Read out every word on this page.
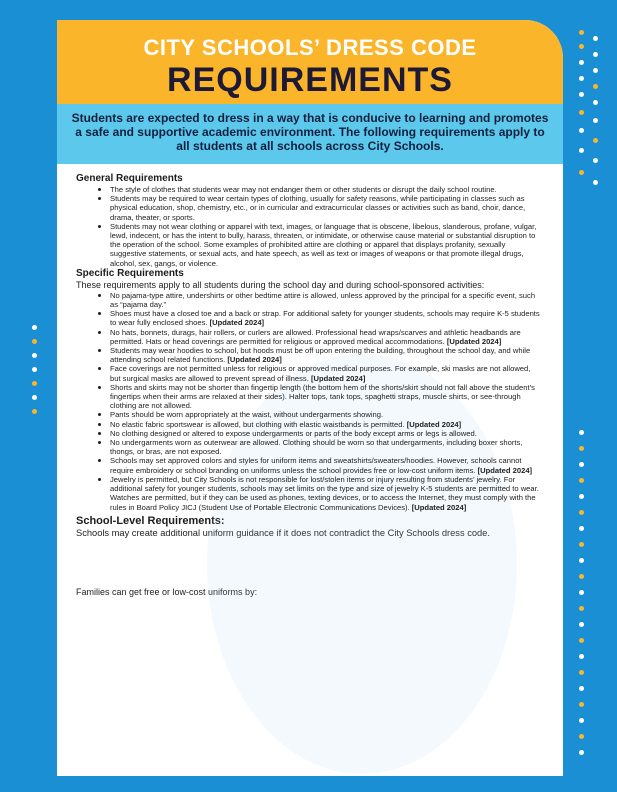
CITY SCHOOLS’ DRESS CODE
REQUIREMENTS
Students are expected to dress in a way that is conducive to learning and promotes a safe and supportive academic environment. The following requirements apply to all students at all schools across City Schools.
General Requirements
The style of clothes that students wear may not endanger them or other students or disrupt the daily school routine.
Students may be required to wear certain types of clothing, usually for safety reasons, while participating in classes such as physical education, shop, chemistry, etc., or in curricular and extracurricular classes or activities such as band, choir, dance, drama, theater, or sports.
Students may not wear clothing or apparel with text, images, or language that is obscene, libelous, slanderous, profane, vulgar, lewd, indecent, or has the intent to bully, harass, threaten, or intimidate, or otherwise cause material or substantial disruption to the operation of the school. Some examples of prohibited attire are clothing or apparel that displays profanity, sexually suggestive statements, or sexual acts, and hate speech, as well as text or images of weapons or that promote illegal drugs, alcohol, sex, gangs, or violence.
Specific Requirements

These requirements apply to all students during the school day and during school-sponsored activities:

No pajama-type attire, undershirts or other bedtime attire is allowed, unless approved by the principal for a specific event, such as “pajama day.”
Shoes must have a closed toe and a back or strap. For additional safety for younger students, schools may require K-5 students to wear fully enclosed shoes. [Updated 2024]
No hats, bonnets, durags, hair rollers, or curlers are allowed. Professional head wraps/scarves and athletic headbands are permitted. Hats or head coverings are permitted for religious or approved medical accommodations. [Updated 2024]
Students may wear hoodies to school, but hoods must be off upon entering the building, throughout the school day, and while attending school related functions. [Updated 2024]
Face coverings are not permitted unless for religious or approved medical purposes. For example, ski masks are not allowed, but surgical masks are allowed to prevent spread of illness. [Updated 2024]
Shorts and skirts may not be shorter than fingertip length (the bottom hem of the shorts/skirt should not fall above the student’s fingertips when their arms are relaxed at their sides). Halter tops, tank tops, spaghetti straps, muscle shirts, or see-through clothing are not allowed.
Pants should be worn appropriately at the waist, without undergarments showing.
No elastic fabric sportswear is allowed, but clothing with elastic waistbands is permitted. [Updated 2024]
No clothing designed or altered to expose undergarments or parts of the body except arms or legs is allowed.
No undergarments worn as outerwear are allowed. Clothing should be worn so that undergarments, including boxer shorts, thongs, or bras, are not exposed.
Schools may set approved colors and styles for uniform items and sweatshirts/sweaters/hoodies. However, schools cannot require embroidery or school branding on uniforms unless the school provides free or low-cost uniform items. [Updated 2024]
Jewelry is permitted, but City Schools is not responsible for lost/stolen items or injury resulting from students’ jewelry. For additional safety for younger students, schools may set limits on the type and size of jewelry K-5 students are permitted to wear. Watches are permitted, but if they can be used as phones, texting devices, or to access the Internet, they must comply with the rules in Board Policy JICJ (Student Use of Portable Electronic Communications Devices). [Updated 2024]
School-Level Requirements:

Schools may create additional uniform guidance if it does not contradict the City Schools dress code.

Families can get free or low-cost uniforms by:
